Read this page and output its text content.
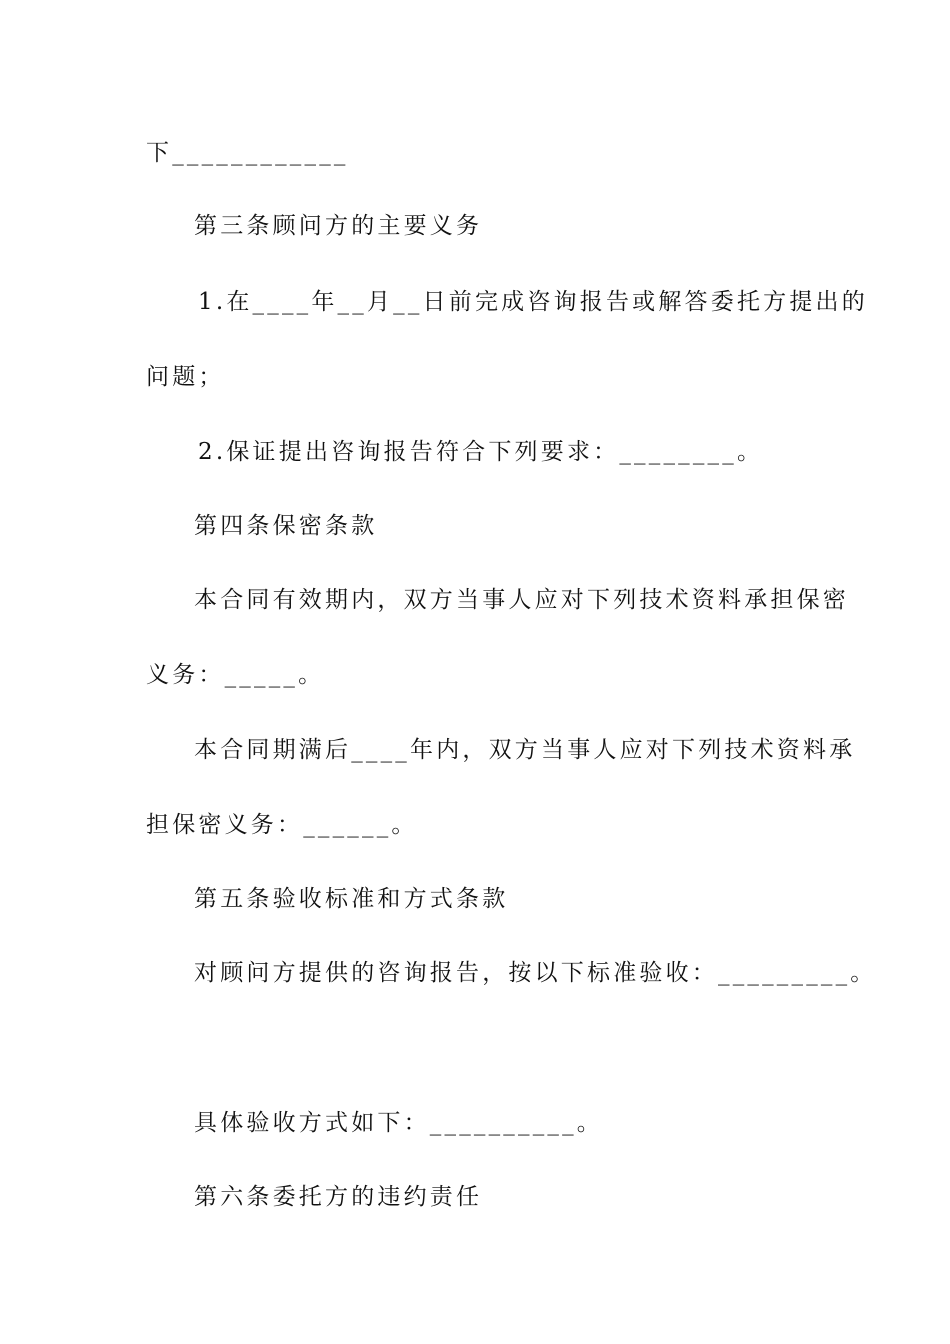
下____________
第三条顾问方的主要义务
1.在____年__月__日前完成咨询报告或解答委托方提出的
问题；
2.保证提出咨询报告符合下列要求：________。
第四条保密条款
本合同有效期内，双方当事人应对下列技术资料承担保密
义务：_____。
本合同期满后____年内，双方当事人应对下列技术资料承
担保密义务：______。
第五条验收标准和方式条款
对顾问方提供的咨询报告，按以下标准验收：_________。
具体验收方式如下：__________。
第六条委托方的违约责任
